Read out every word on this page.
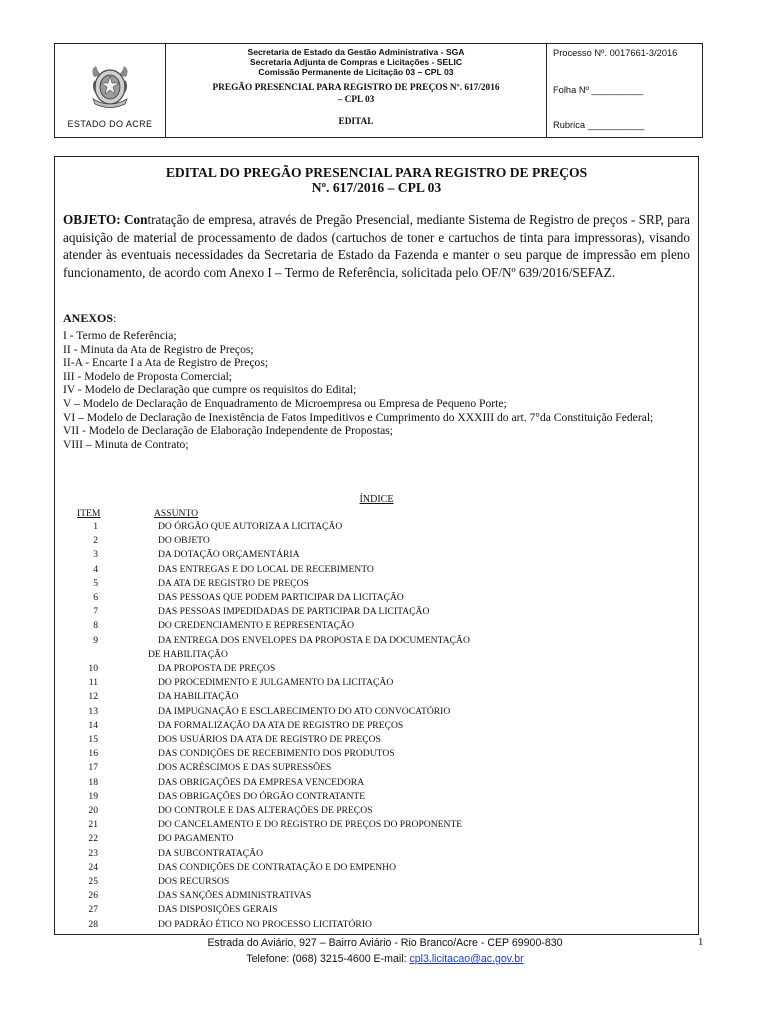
ESTADO DO ACRE
Secretaria de Estado da Gestão Administrativa - SGA
Secretaria Adjunta de Compras e Licitações - SELIC
Comissão Permanente de Licitação 03 – CPL 03
PREGÃO PRESENCIAL PARA REGISTRO DE PREÇOS Nº. 617/2016
– CPL 03
EDITAL
Processo Nº. 0017661-3/2016
Folha Nº __________
Rubrica ___________
EDITAL DO PREGÃO PRESENCIAL PARA REGISTRO DE PREÇOS
Nº. 617/2016 – CPL 03
OBJETO: Contratação de empresa, através de Pregão Presencial, mediante Sistema de Registro de preços - SRP, para aquisição de material de processamento de dados (cartuchos de toner e cartuchos de tinta para impressoras), visando atender às eventuais necessidades da Secretaria de Estado da Fazenda e manter o seu parque de impressão em pleno funcionamento, de acordo com Anexo I – Termo de Referência, solicitada pelo OF/Nº 639/2016/SEFAZ.
ANEXOS:
I - Termo de Referência;
II - Minuta da Ata de Registro de Preços;
II-A - Encarte I a Ata de Registro de Preços;
III - Modelo de Proposta Comercial;
IV - Modelo de Declaração que cumpre os requisitos do Edital;
V – Modelo de Declaração de Enquadramento de Microempresa ou Empresa de Pequeno Porte;
VI – Modelo de Declaração de Inexistência de Fatos Impeditivos e Cumprimento do XXXIII do art. 7°da Constituição Federal;
VII - Modelo de Declaração de Elaboração Independente de Propostas;
VIII – Minuta de Contrato;
ÍNDICE
ITEM	ASSUNTO
1	DO ÓRGÃO QUE AUTORIZA A LICITAÇÃO
2	DO OBJETO
3	DA DOTAÇÃO ORÇAMENTÁRIA
4	DAS ENTREGAS E DO LOCAL DE RECEBIMENTO
5	DA ATA DE REGISTRO DE PREÇOS
6	DAS PESSOAS QUE PODEM PARTICIPAR DA LICITAÇÃO
7	DAS PESSOAS IMPEDIDADAS DE PARTICIPAR DA LICITAÇÃO
8	DO CREDENCIAMENTO E REPRESENTAÇÃO
9	DA ENTREGA DOS ENVELOPES DA PROPOSTA E DA DOCUMENTAÇÃO
DE HABILITAÇÃO
10	DA PROPOSTA DE PREÇOS
11	DO PROCEDIMENTO E JULGAMENTO DA LICITAÇÃO
12	DA HABILITAÇÃO
13	DA IMPUGNAÇÃO E ESCLARECIMENTO DO ATO CONVOCATÓRIO
14	DA FORMALIZAÇÃO DA ATA DE REGISTRO DE PREÇOS
15	DOS USUÁRIOS DA ATA DE REGISTRO DE PREÇOS
16	DAS CONDIÇÕES DE RECEBIMENTO DOS PRODUTOS
17	DOS ACRÉSCIMOS E DAS SUPRESSÕES
18	DAS OBRIGAÇÕES DA EMPRESA VENCEDORA
19	DAS OBRIGAÇÕES DO ÓRGÃO CONTRATANTE
20	DO CONTROLE E DAS ALTERAÇÕES DE PREÇOS
21	DO CANCELAMENTO E DO REGISTRO DE PREÇOS DO PROPONENTE
22	DO PAGAMENTO
23	DA SUBCONTRATAÇÃO
24	DAS CONDIÇÕES DE CONTRATAÇÃO E DO EMPENHO
25	DOS RECURSOS
26	DAS SANÇÕES ADMINISTRATIVAS
27	DAS DISPOSIÇÕES GERAIS
28	DO PADRÃO ÉTICO NO PROCESSO LICITATÓRIO
Estrada do Aviário, 927 – Bairro Aviário - Rio Branco/Acre - CEP 69900-830
Telefone: (068) 3215-4600 E-mail: cpl3.licitacao@ac.gov.br
1
